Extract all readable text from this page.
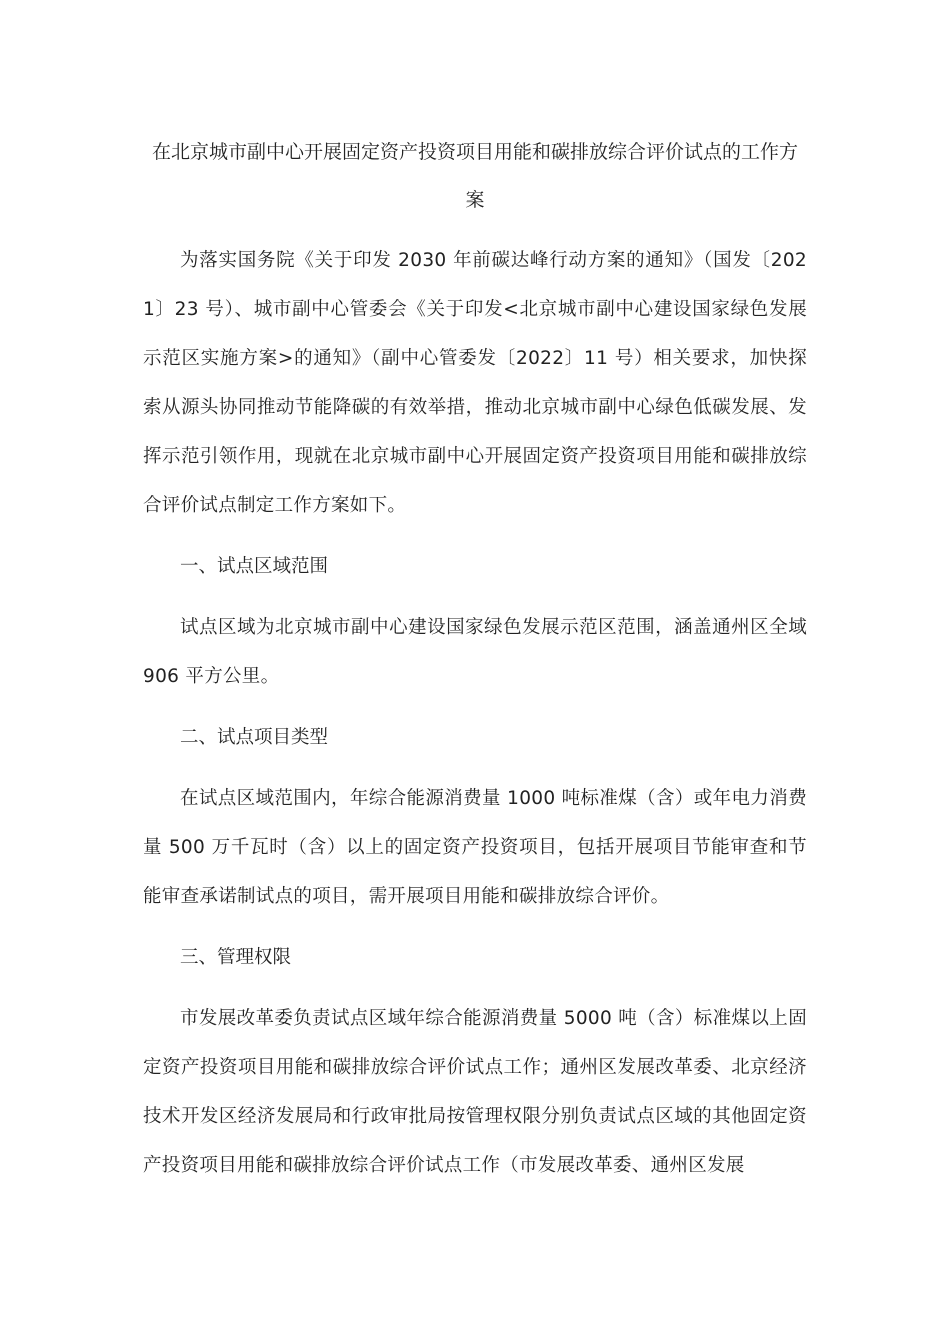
在北京城市副中心开展固定资产投资项目用能和碳排放综合评价试点的工作方案

为落实国务院《关于印发 2030 年前碳达峰行动方案的通知》（国发〔2021〕23 号）、城市副中心管委会《关于印发<北京城市副中心建设国家绿色发展示范区实施方案>的通知》（副中心管委发〔2022〕11 号）相关要求，加快探索从源头协同推动节能降碳的有效举措，推动北京城市副中心绿色低碳发展、发挥示范引领作用，现就在北京城市副中心开展固定资产投资项目用能和碳排放综合评价试点制定工作方案如下。

一、试点区域范围

试点区域为北京城市副中心建设国家绿色发展示范区范围，涵盖通州区全域 906 平方公里。

二、试点项目类型

在试点区域范围内，年综合能源消费量 1000 吨标准煤（含）或年电力消费量 500 万千瓦时（含）以上的固定资产投资项目，包括开展项目节能审查和节能审查承诺制试点的项目，需开展项目用能和碳排放综合评价。

三、管理权限

市发展改革委负责试点区域年综合能源消费量 5000 吨（含）标准煤以上固定资产投资项目用能和碳排放综合评价试点工作；通州区发展改革委、北京经济技术开发区经济发展局和行政审批局按管理权限分别负责试点区域的其他固定资产投资项目用能和碳排放综合评价试点工作（市发展改革委、通州区发展
